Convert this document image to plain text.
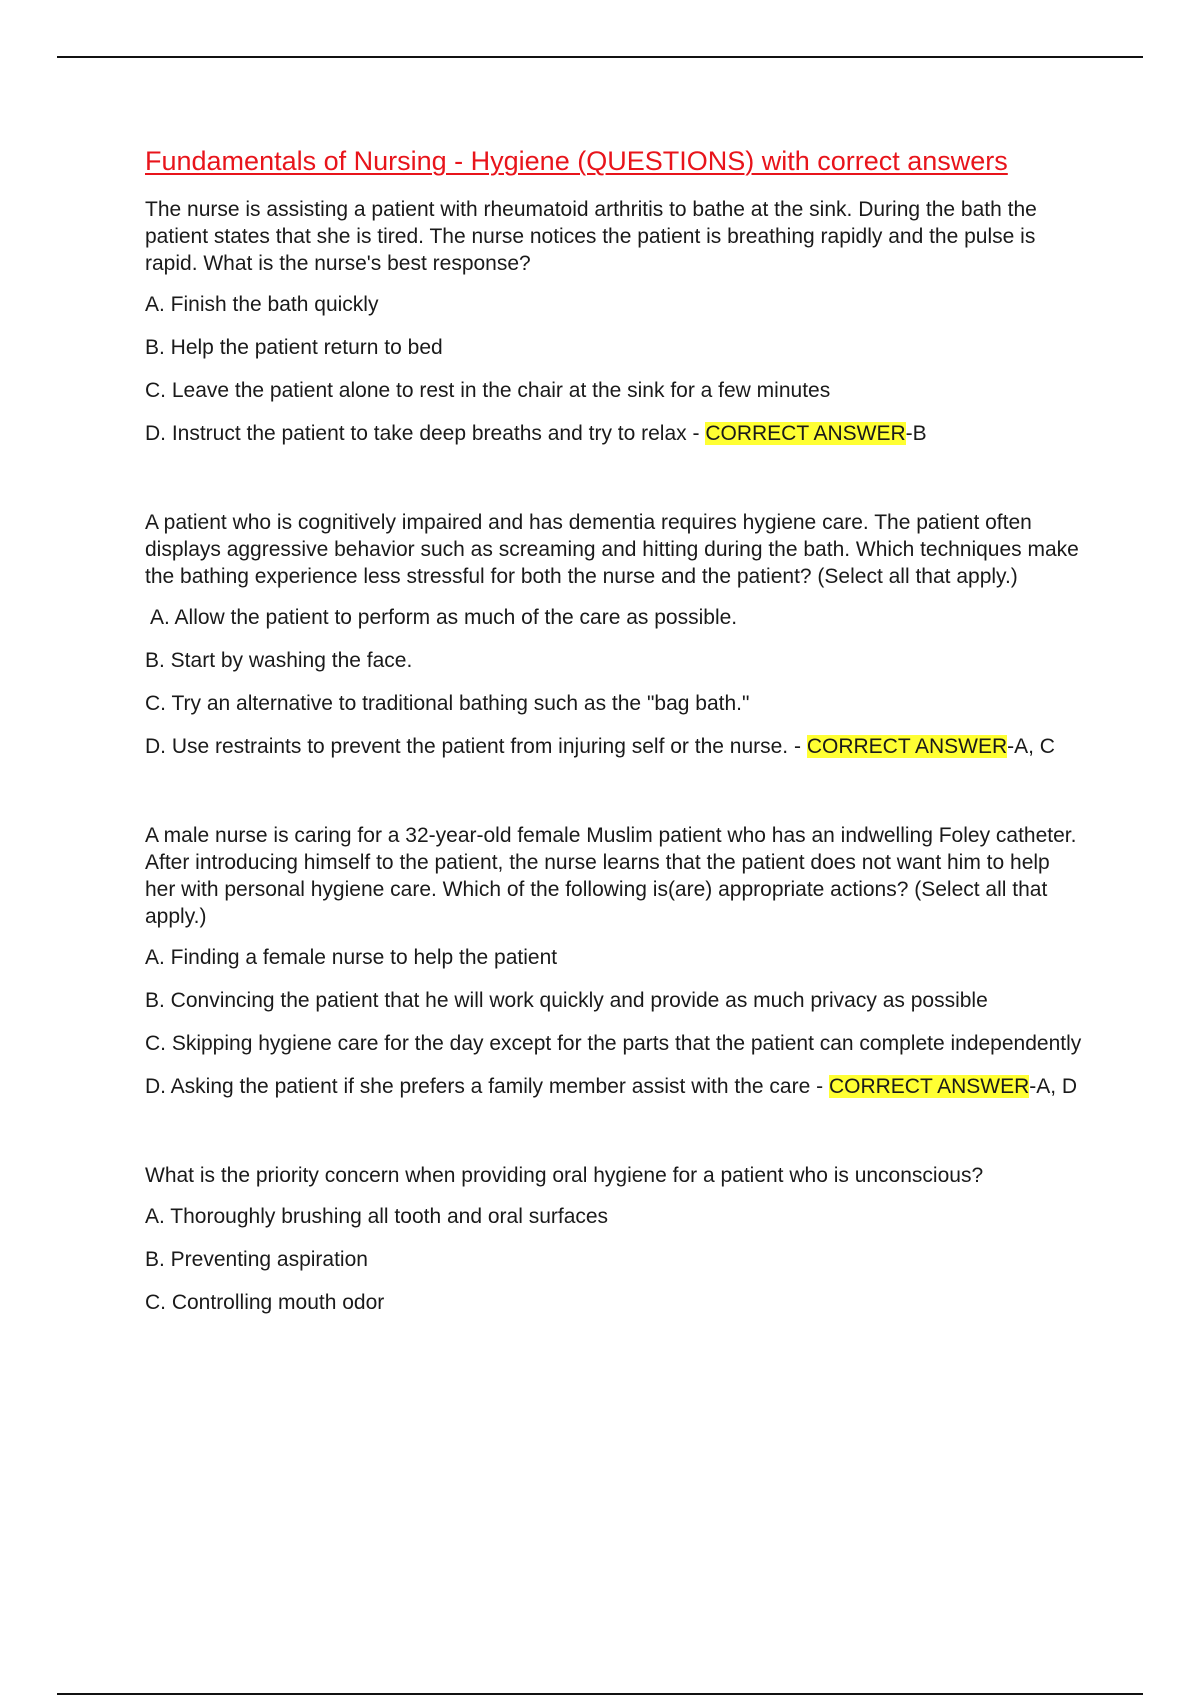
Fundamentals of Nursing - Hygiene (QUESTIONS) with correct answers
The nurse is assisting a patient with rheumatoid arthritis to bathe at the sink. During the bath the patient states that she is tired. The nurse notices the patient is breathing rapidly and the pulse is rapid. What is the nurse's best response?
A. Finish the bath quickly
B. Help the patient return to bed
C. Leave the patient alone to rest in the chair at the sink for a few minutes
D. Instruct the patient to take deep breaths and try to relax - CORRECT ANSWER-B
A patient who is cognitively impaired and has dementia requires hygiene care. The patient often displays aggressive behavior such as screaming and hitting during the bath. Which techniques make the bathing experience less stressful for both the nurse and the patient? (Select all that apply.)
A. Allow the patient to perform as much of the care as possible.
B. Start by washing the face.
C. Try an alternative to traditional bathing such as the "bag bath."
D. Use restraints to prevent the patient from injuring self or the nurse. - CORRECT ANSWER-A, C
A male nurse is caring for a 32-year-old female Muslim patient who has an indwelling Foley catheter. After introducing himself to the patient, the nurse learns that the patient does not want him to help her with personal hygiene care. Which of the following is(are) appropriate actions? (Select all that apply.)
A. Finding a female nurse to help the patient
B. Convincing the patient that he will work quickly and provide as much privacy as possible
C. Skipping hygiene care for the day except for the parts that the patient can complete independently
D. Asking the patient if she prefers a family member assist with the care - CORRECT ANSWER-A, D
What is the priority concern when providing oral hygiene for a patient who is unconscious?
A. Thoroughly brushing all tooth and oral surfaces
B. Preventing aspiration
C. Controlling mouth odor
